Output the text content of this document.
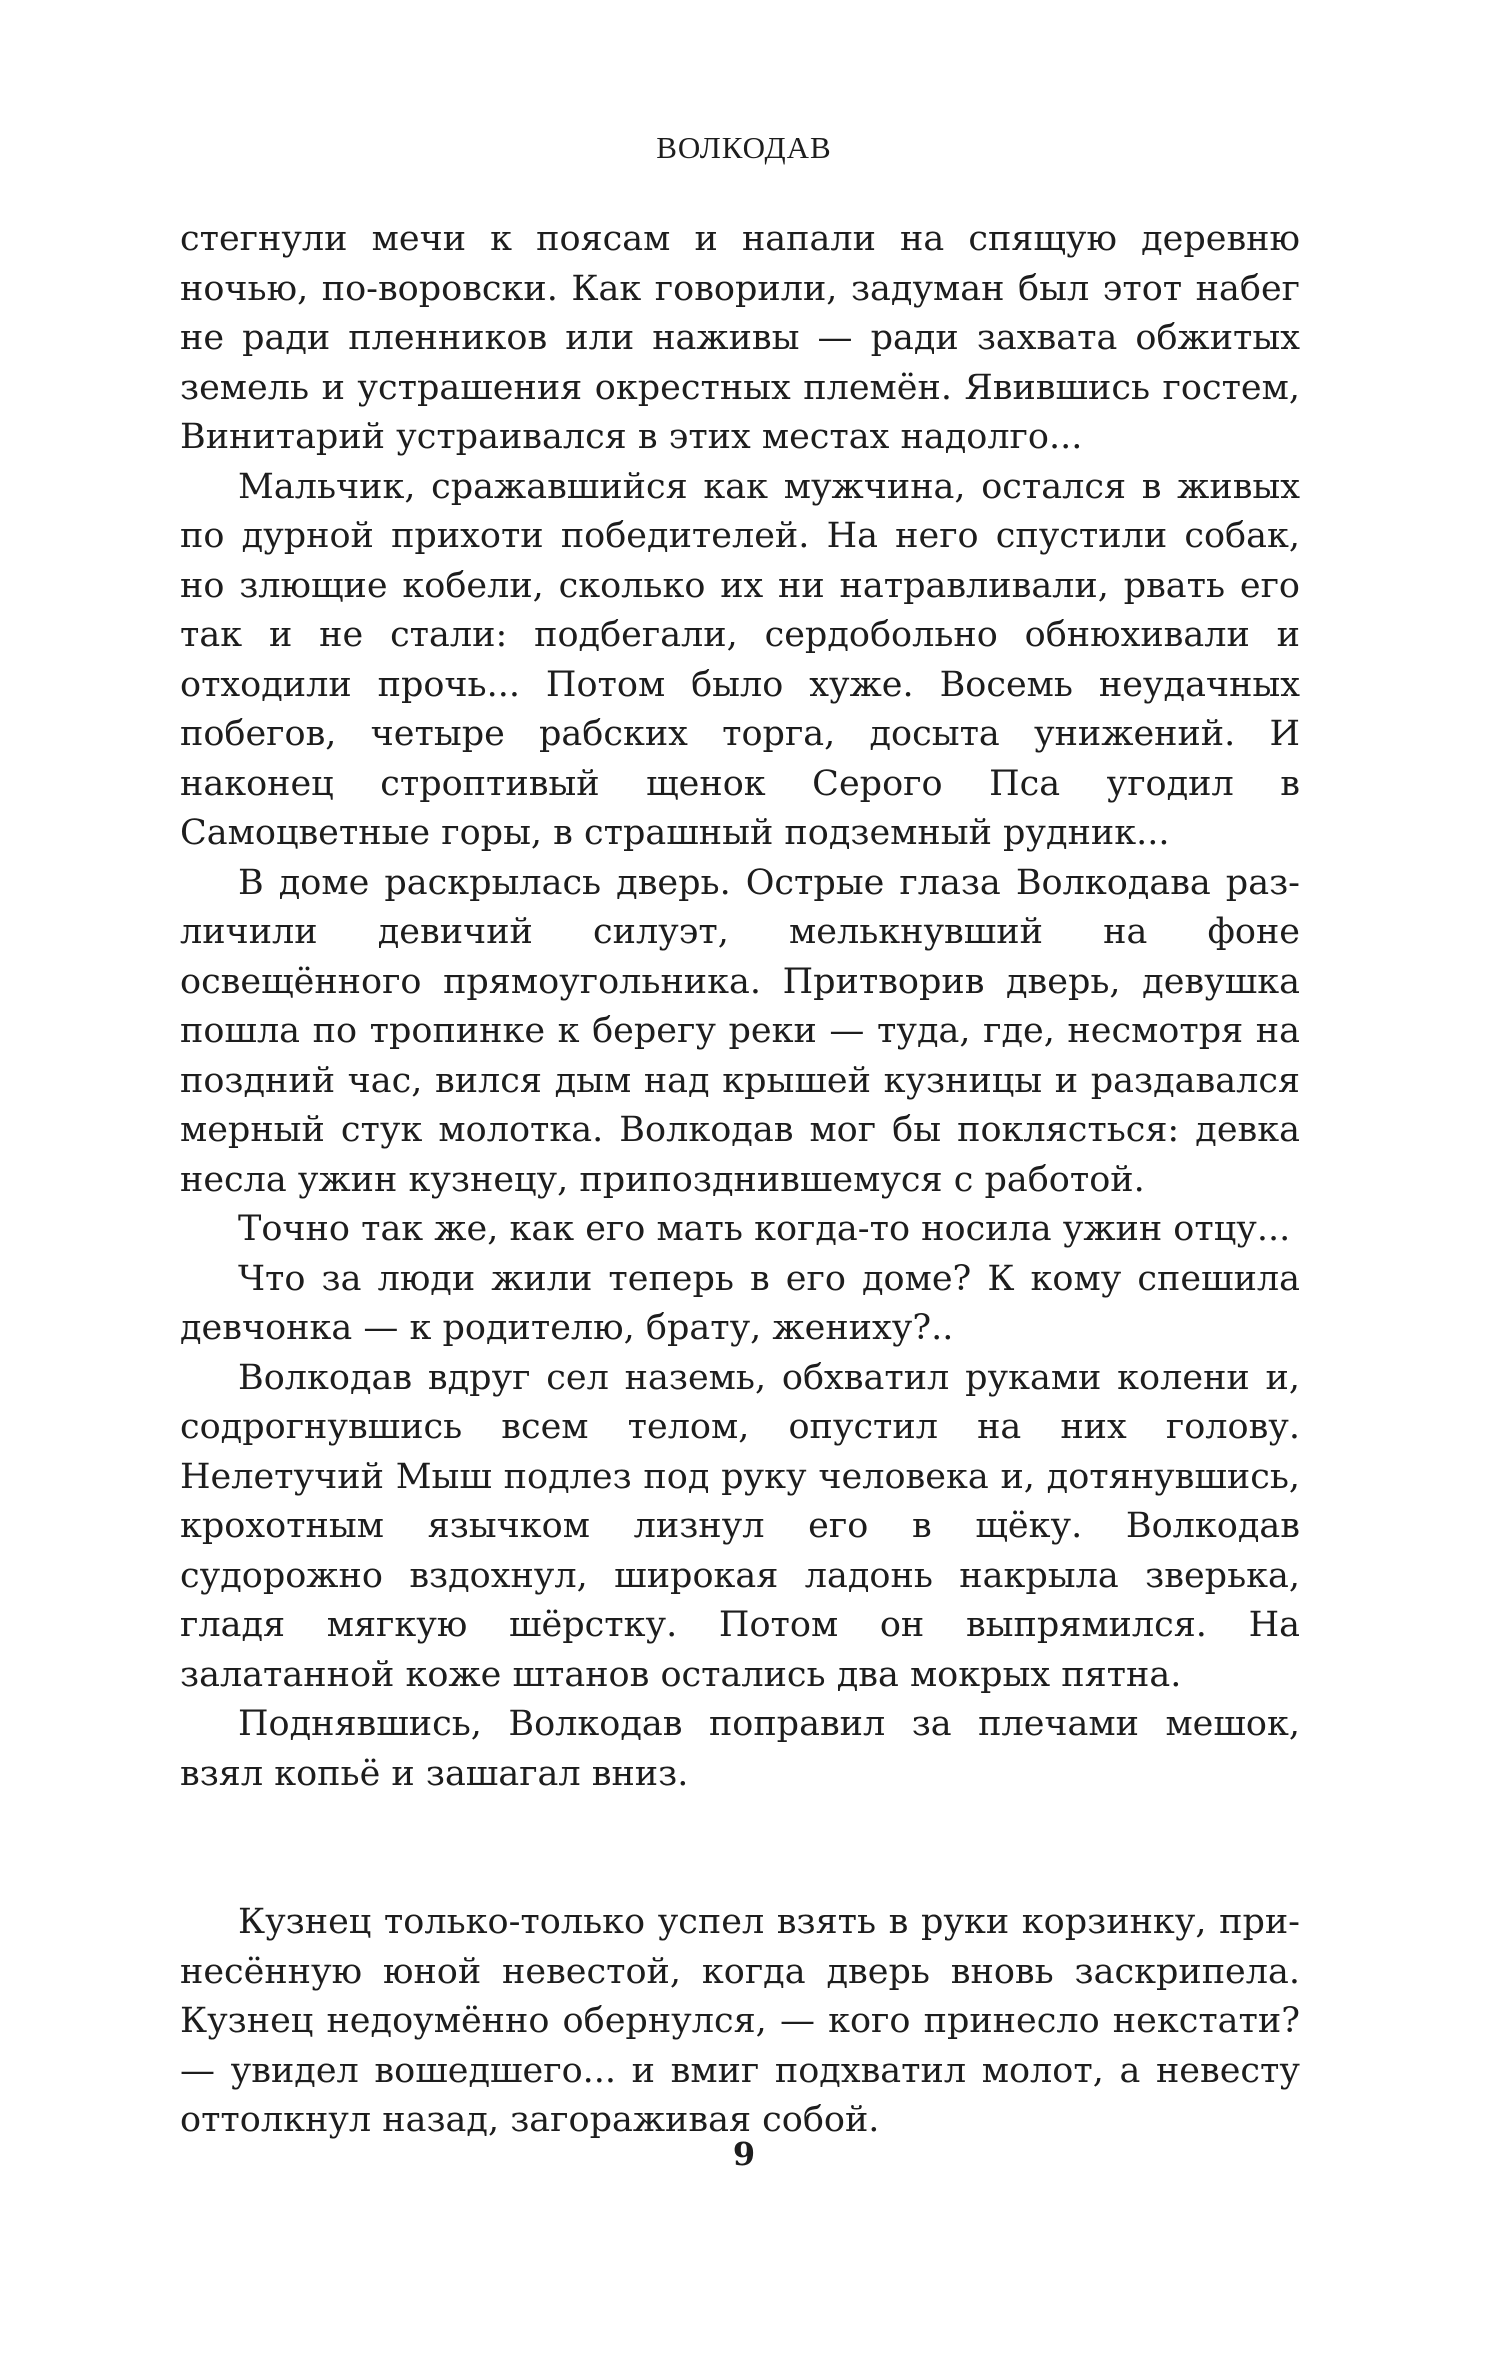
ВОЛКОДАВ

стегнули мечи к поясам и напали на спящую деревню ночью, по-воровски. Как говорили, задуман был этот набег не ради пленников или наживы — ради захвата обжитых земель и устрашения окрестных племён. Явившись гостем, Винитарий устраивался в этих местах надолго...

Мальчик, сражавшийся как мужчина, остался в живых по дурной прихоти победителей. На него спустили собак, но злющие кобели, сколько их ни натравливали, рвать его так и не стали: подбегали, сердобольно обнюхивали и отходили прочь... Потом было хуже. Восемь неудачных побегов, четыре рабских торга, досыта унижений. И наконец строптивый щенок Серого Пса угодил в Самоцветные горы, в страшный подземный рудник...

В доме раскрылась дверь. Острые глаза Волкодава различили девичий силуэт, мелькнувший на фоне освещённого прямоугольника. Притворив дверь, девушка пошла по тропинке к берегу реки — туда, где, несмотря на поздний час, вился дым над крышей кузницы и раздавался мерный стук молотка. Волкодав мог бы поклясться: девка несла ужин кузнецу, припозднившемуся с работой.

Точно так же, как его мать когда-то носила ужин отцу...

Что за люди жили теперь в его доме? К кому спешила девчонка — к родителю, брату, жениху?..

Волкодав вдруг сел наземь, обхватил руками колени и, содрогнувшись всем телом, опустил на них голову. Нелетучий Мыш подлез под руку человека и, дотянувшись, крохотным язычком лизнул его в щёку. Волкодав судорожно вздохнул, широкая ладонь накрыла зверька, гладя мягкую шёрстку. Потом он выпрямился. На залатанной коже штанов остались два мокрых пятна.

Поднявшись, Волкодав поправил за плечами мешок, взял копьё и зашагал вниз.

Кузнец только-только успел взять в руки корзинку, принесённую юной невестой, когда дверь вновь заскрипела. Кузнец недоумённо обернулся, — кого принесло некстати? — увидел вошедшего... и вмиг подхватил молот, а невесту оттолкнул назад, загораживая собой.

9
